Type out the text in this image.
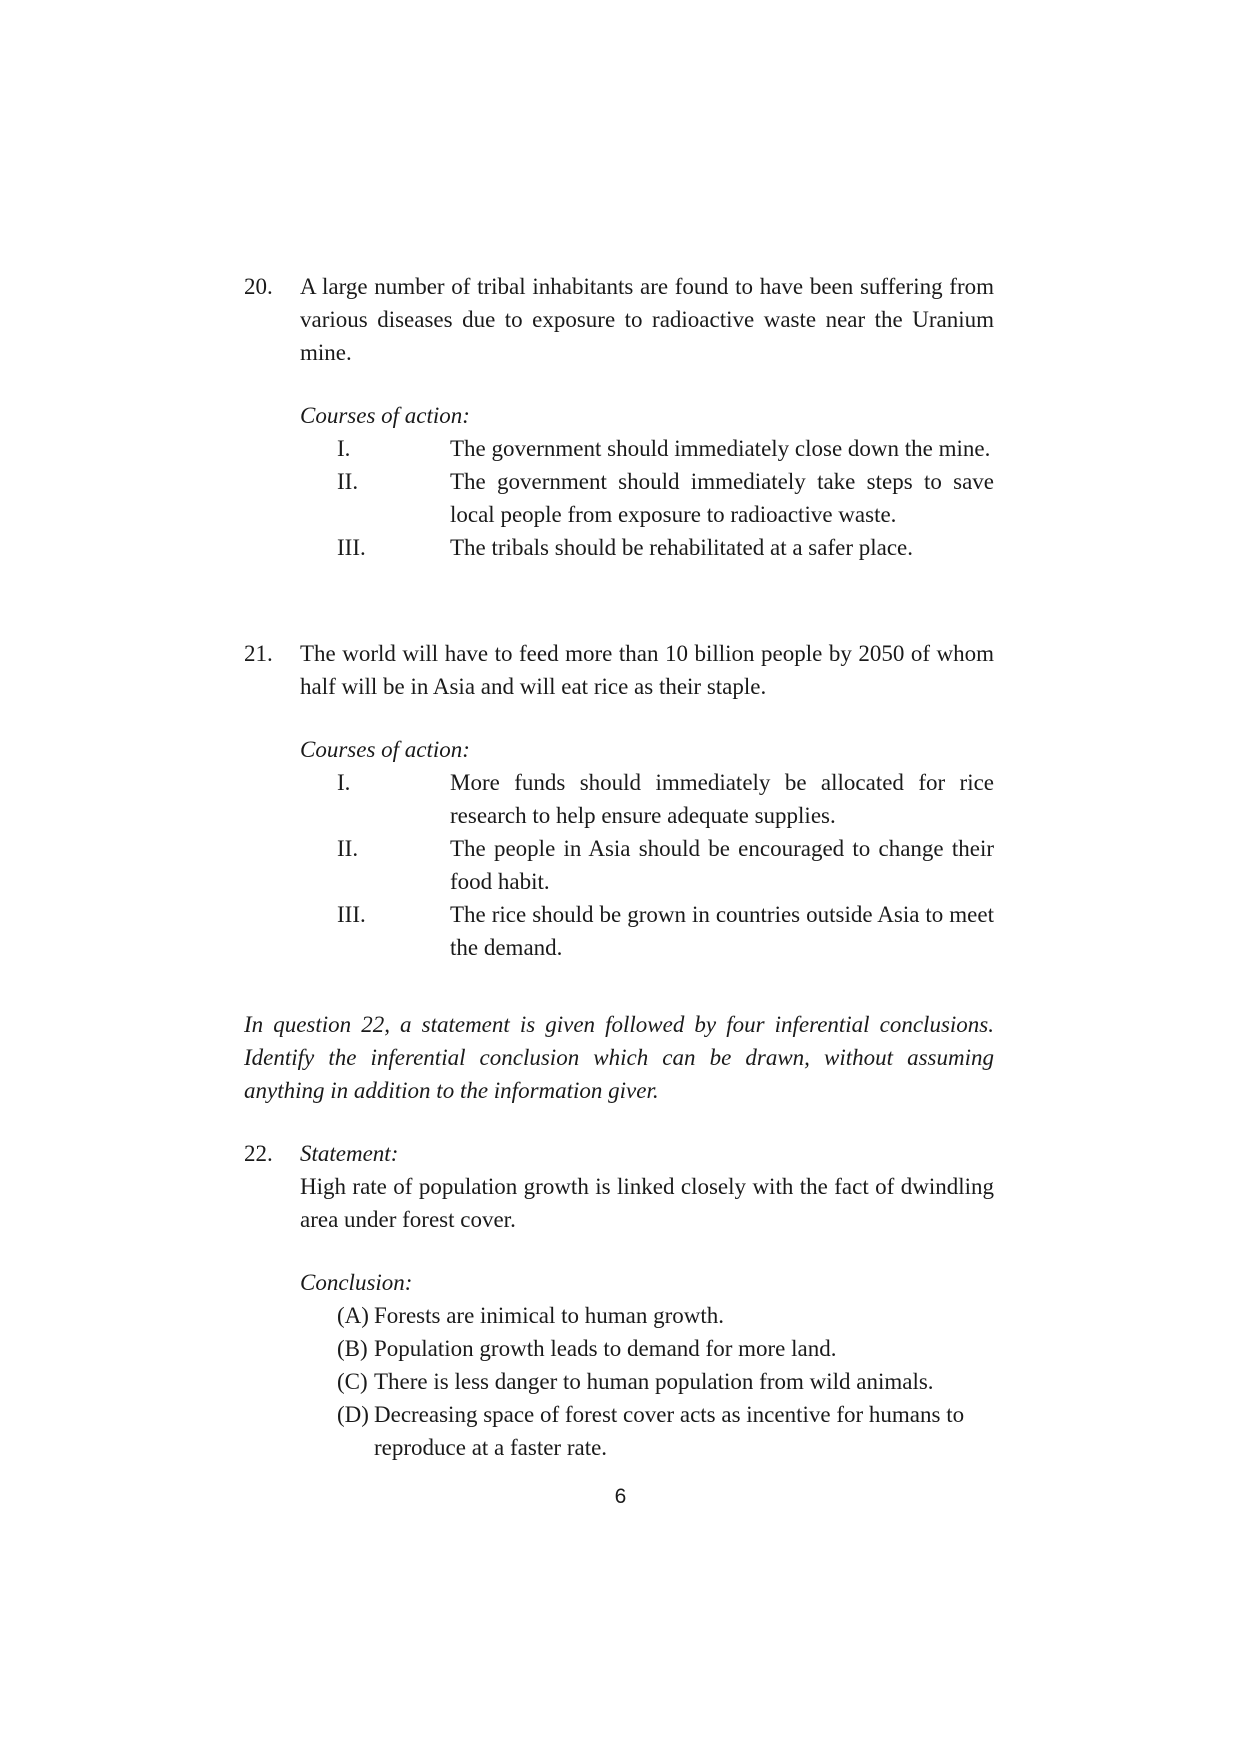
20.	A large number of tribal inhabitants are found to have been suffering from various diseases due to exposure to radioactive waste near the Uranium mine.
Courses of action:
I.	The government should immediately close down the mine.
II.	The government should immediately take steps to save local people from exposure to radioactive waste.
III.	The tribals should be rehabilitated at a safer place.
21.	The world will have to feed more than 10 billion people by 2050 of whom half will be in Asia and will eat rice as their staple.
Courses of action:
I.	More funds should immediately be allocated for rice research to help ensure adequate supplies.
II.	The people in Asia should be encouraged to change their food habit.
III.	The rice should be grown in countries outside Asia to meet the demand.
In question 22, a statement is given followed by four inferential conclusions. Identify the inferential conclusion which can be drawn, without assuming anything in addition to the information giver.
22.	Statement:
High rate of population growth is linked closely with the fact of dwindling area under forest cover.
Conclusion:
(A) Forests are inimical to human growth.
(B) Population growth leads to demand for more land.
(C) There is less danger to human population from wild animals.
(D) Decreasing space of forest cover acts as incentive for humans to reproduce at a faster rate.
6
